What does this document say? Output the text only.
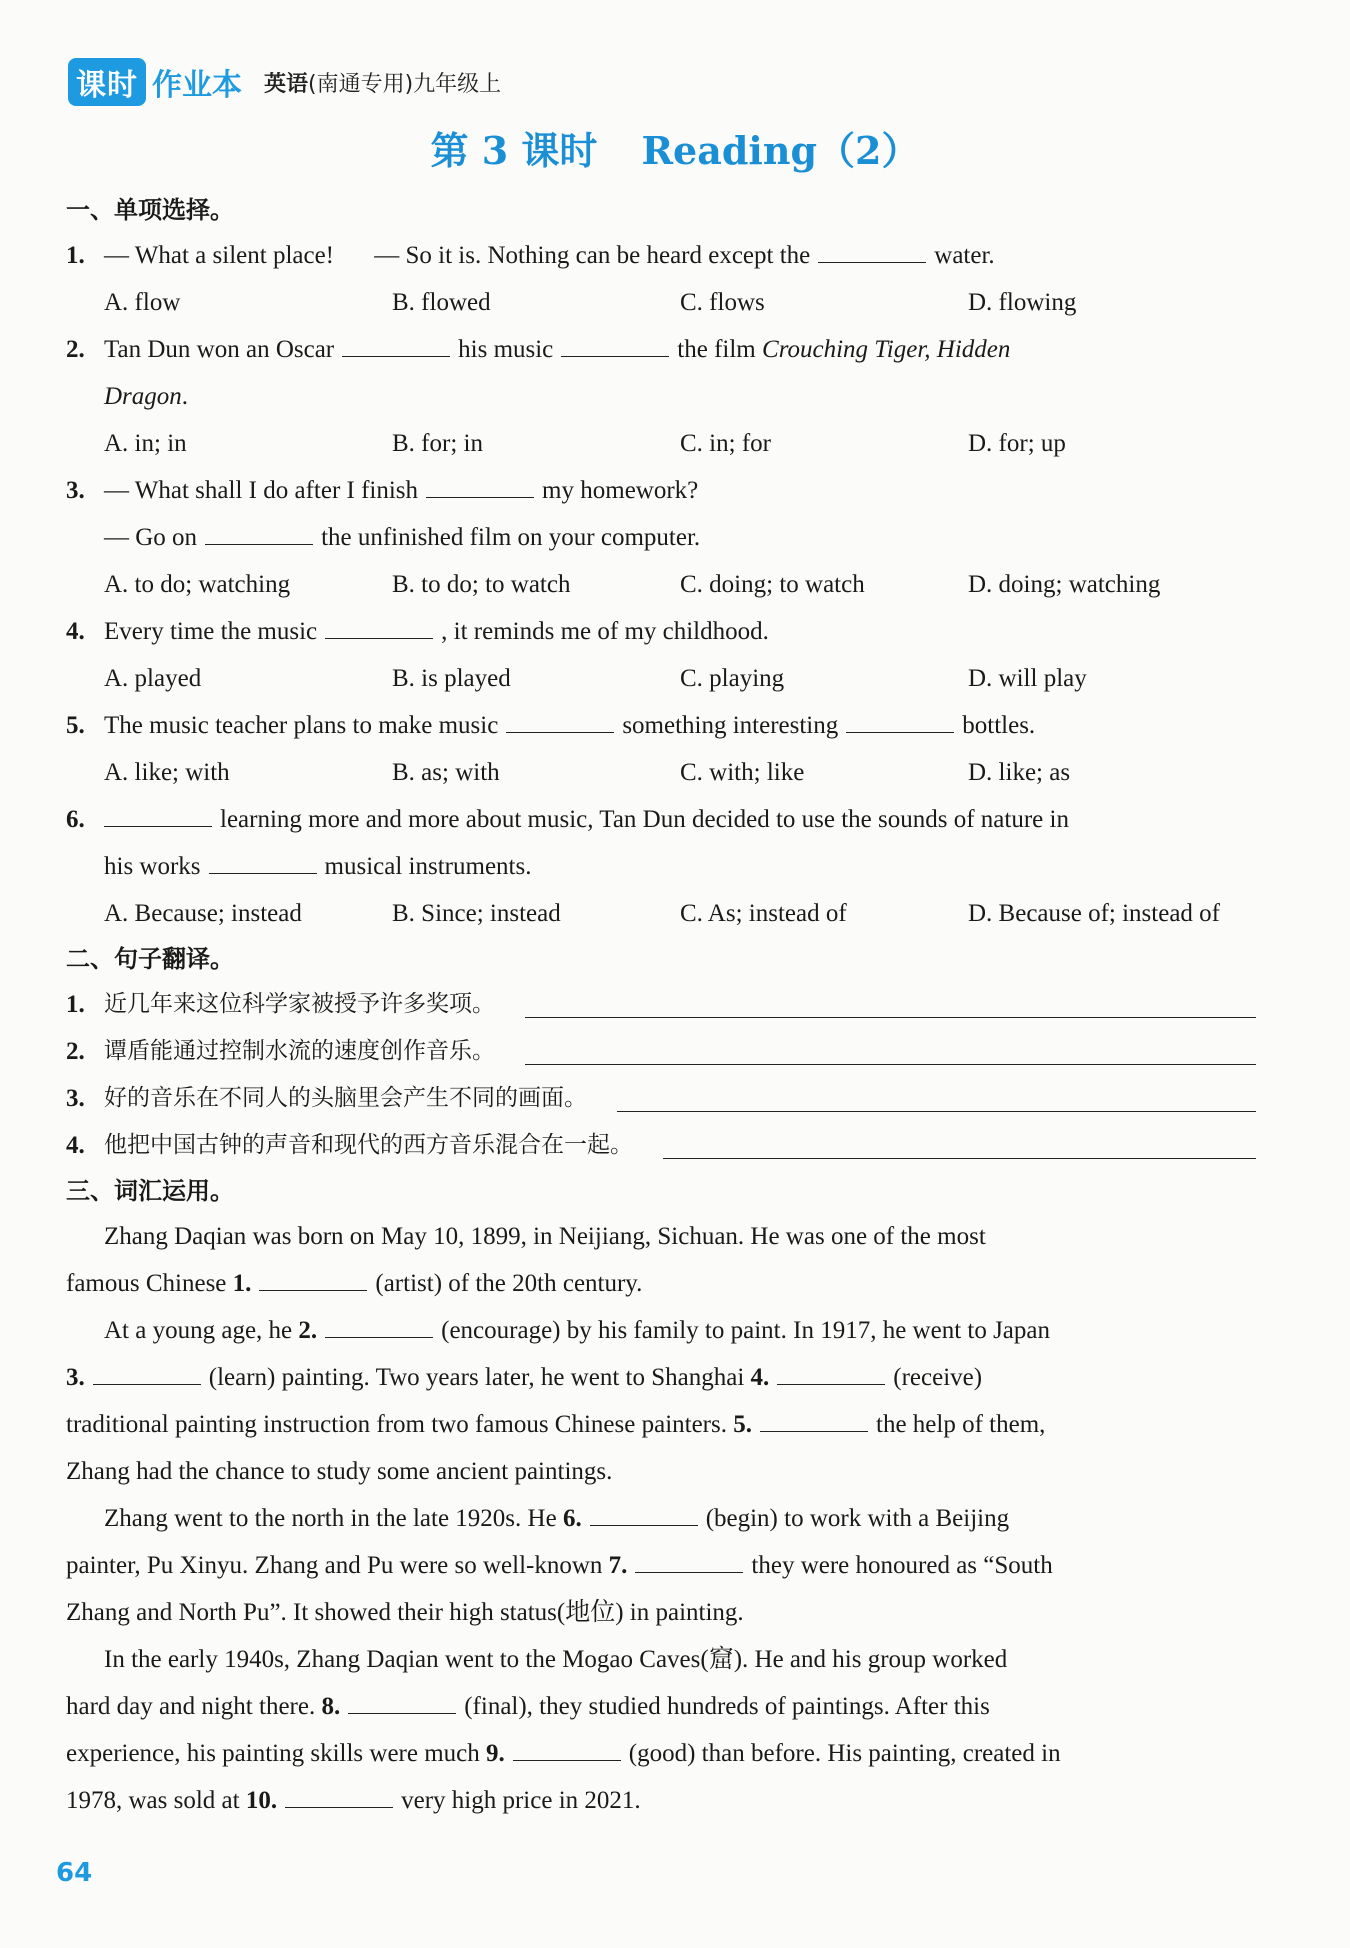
课时 作业本 英语(南通专用)九年级上
第 3 课时 Reading（2）
一、单项选择。
1. — What a silent place! — So it is. Nothing can be heard except the	water.
A. flow	B. flowed	C. flows	D. flowing
2. Tan Dun won an Oscar	his music	the film Crouching Tiger, Hidden
Dragon.
A. in; in	B. for; in	C. in; for	D. for; up
3. — What shall I do after I finish	my homework?
— Go on	the unfinished film on your computer.
A. to do; watching	B. to do; to watch	C. doing; to watch	D. doing; watching
4. Every time the music	, it reminds me of my childhood.
A. played	B. is played	C. playing	D. will play
5. The music teacher plans to make music	something interesting	bottles.
A. like; with	B. as; with	C. with; like	D. like; as
6.	learning more and more about music, Tan Dun decided to use the sounds of nature in
his works	musical instruments.
A. Because; instead	B. Since; instead	C. As; instead of	D. Because of; instead of
二、句子翻译。
1. 近几年来这位科学家被授予许多奖项。
2. 谭盾能通过控制水流的速度创作音乐。
3. 好的音乐在不同人的头脑里会产生不同的画面。
4. 他把中国古钟的声音和现代的西方音乐混合在一起。
三、词汇运用。
Zhang Daqian was born on May 10, 1899, in Neijiang, Sichuan. He was one of the most
famous Chinese 1.	(artist) of the 20th century.
At a young age, he 2.	(encourage) by his family to paint. In 1917, he went to Japan
3.	(learn) painting. Two years later, he went to Shanghai 4.	(receive)
traditional painting instruction from two famous Chinese painters. 5.	the help of them,
Zhang had the chance to study some ancient paintings.
Zhang went to the north in the late 1920s. He 6.	(begin) to work with a Beijing
painter, Pu Xinyu. Zhang and Pu were so well-known 7.	they were honoured as “South
Zhang and North Pu”. It showed their high status(地位) in painting.
In the early 1940s, Zhang Daqian went to the Mogao Caves(窟). He and his group worked
hard day and night there. 8.	(final), they studied hundreds of paintings. After this
experience, his painting skills were much 9.	(good) than before. His painting, created in
1978, was sold at 10.	very high price in 2021.
64
